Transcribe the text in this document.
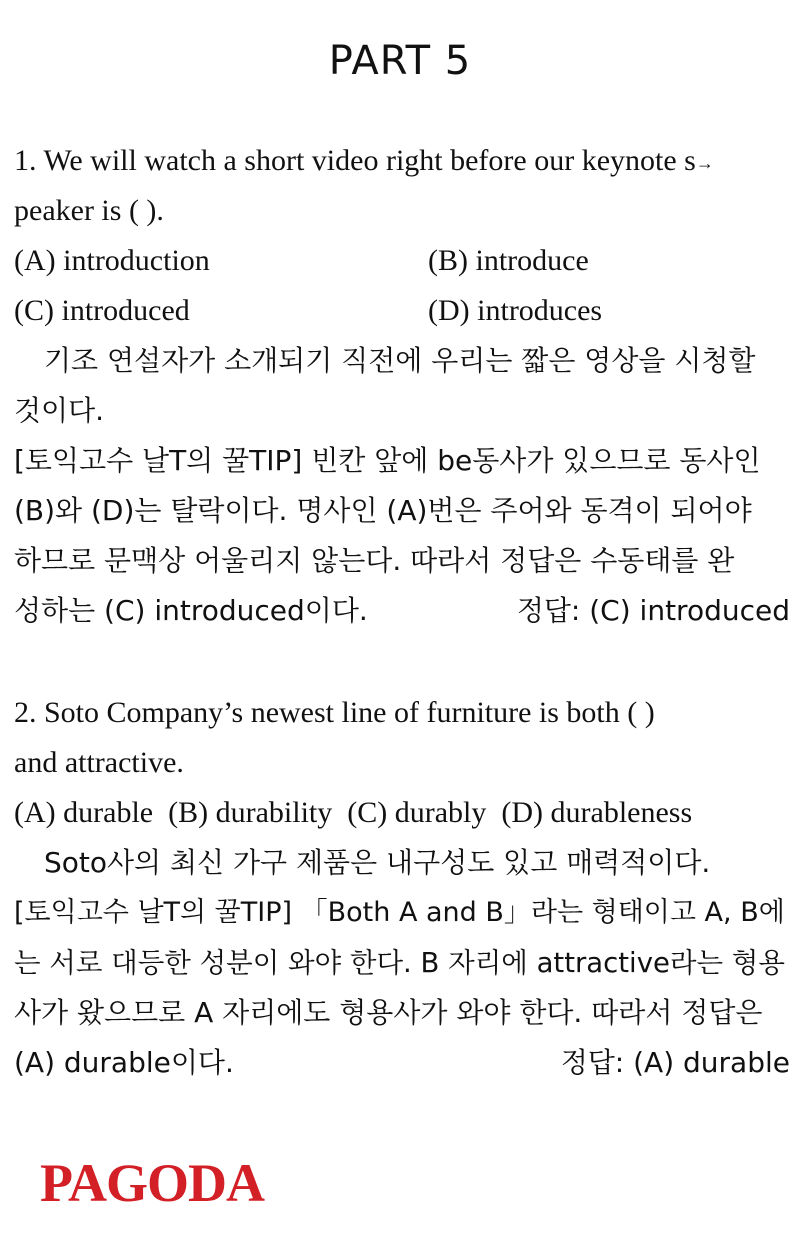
PART 5
1. We will watch a short video right before our keynote s→
peaker is ( ).
(A) introduction	(B) introduce
(C) introduced	(D) introduces
기조 연설자가 소개되기 직전에 우리는 짧은 영상을 시청할
것이다.
[토익고수 날T의 꿀TIP] 빈칸 앞에 be동사가 있으므로 동사인
(B)와 (D)는 탈락이다. 명사인 (A)번은 주어와 동격이 되어야
하므로 문맥상 어울리지 않는다. 따라서 정답은 수동태를 완
성하는 (C) introduced이다.	정답: (C) introduced
2. Soto Company’s newest line of furniture is both ( )
and attractive.
(A) durable  (B) durability  (C) durably  (D) durableness
Soto사의 최신 가구 제품은 내구성도 있고 매력적이다.
[토익고수 날T의 꿀TIP] 「Both A and B」라는 형태이고 A, B에
는 서로 대등한 성분이 와야 한다. B 자리에 attractive라는 형용
사가 왔으므로 A 자리에도 형용사가 와야 한다. 따라서 정답은
(A) durable이다.	정답: (A) durable
PAGODA
